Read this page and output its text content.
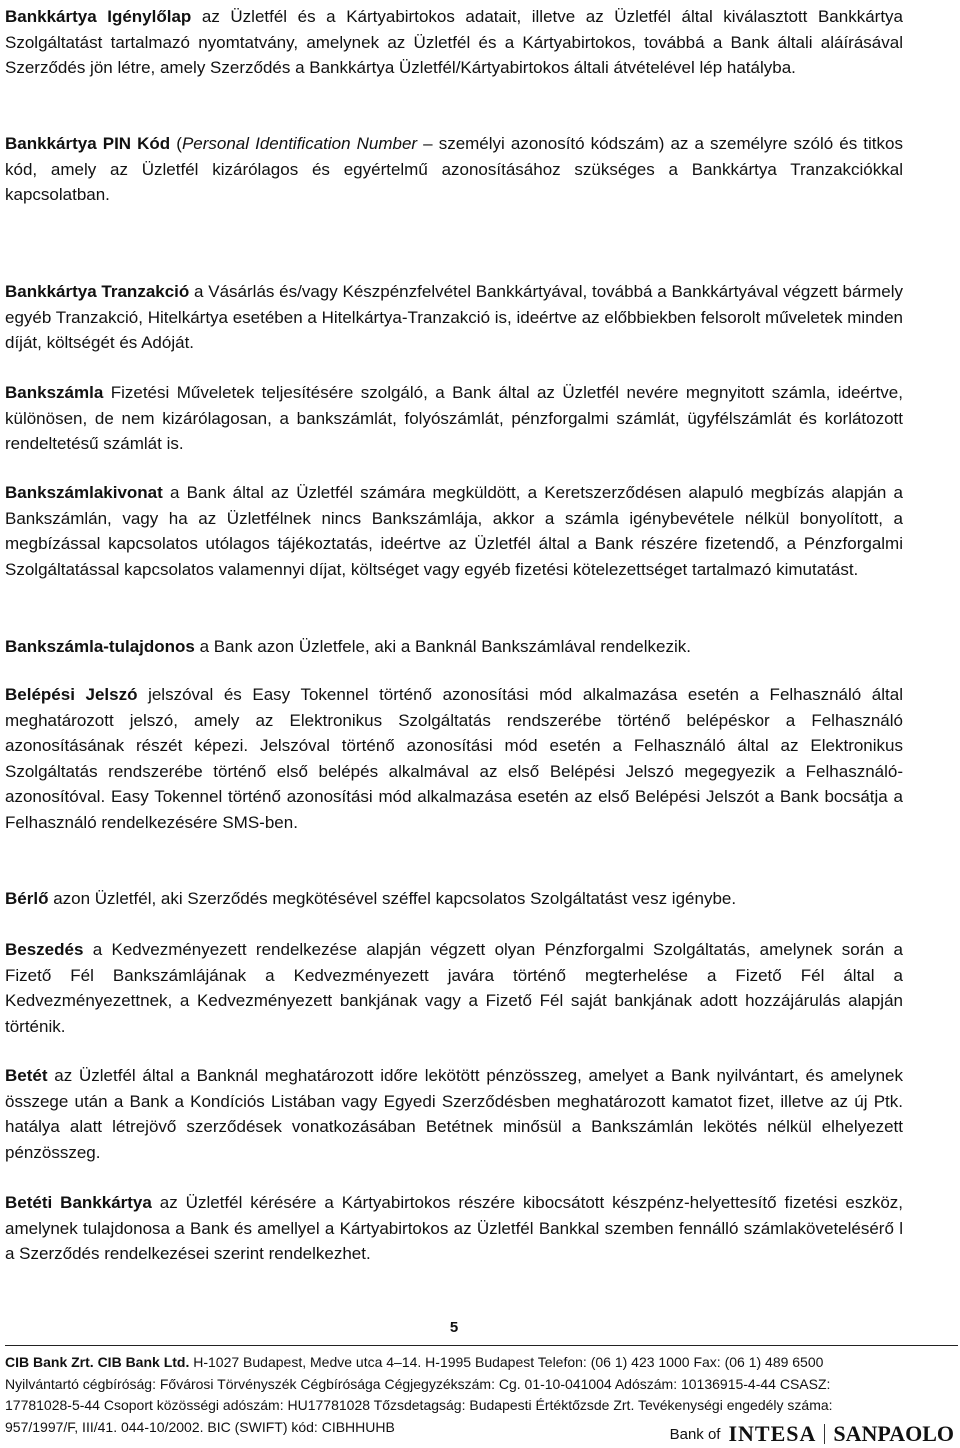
Bankkártya Igénylőlap az Üzletfél és a Kártyabirtokos adatait, illetve az Üzletfél által kiválasztott Bankkártya Szolgáltatást tartalmazó nyomtatvány, amelynek az Üzletfél és a Kártyabirtokos, továbbá a Bank általi aláírásával Szerződés jön létre, amely Szerződés a Bankkártya Üzletfél/Kártyabirtokos általi átvételével lép hatályba.

Bankkártya PIN Kód (Personal Identification Number – személyi azonosító kódszám) az a személyre szóló és titkos kód, amely az Üzletfél kizárólagos és egyértelmű azonosításához szükséges a Bankkártya Tranzakciókkal kapcsolatban.

Bankkártya Tranzakció a Vásárlás és/vagy Készpénzfelvétel Bankkártyával, továbbá a Bankkártyával végzett bármely egyéb Tranzakció, Hitelkártya esetében a Hitelkártya-Tranzakció is, ideértve az előbbiekben felsorolt műveletek minden díját, költségét és Adóját.

Bankszámla Fizetési Műveletek teljesítésére szolgáló, a Bank által az Üzletfél nevére megnyitott számla, ideértve, különösen, de nem kizárólagosan, a bankszámlát, folyószámlát, pénzforgalmi számlát, ügyfélszámlát és korlátozott rendeltetésű számlát is.

Bankszámlakivonat a Bank által az Üzletfél számára megküldött, a Keretszerződésen alapuló megbízás alapján a Bankszámlán, vagy ha az Üzletfélnek nincs Bankszámlája, akkor a számla igénybevétele nélkül bonyolított, a megbízással kapcsolatos utólagos tájékoztatás, ideértve az Üzletfél által a Bank részére fizetendő, a Pénzforgalmi Szolgáltatással kapcsolatos valamennyi díjat, költséget vagy egyéb fizetési kötelezettséget tartalmazó kimutatást.

Bankszámla-tulajdonos a Bank azon Üzletfele, aki a Banknál Bankszámlával rendelkezik.

Belépési Jelszó jelszóval és Easy Tokennel történő azonosítási mód alkalmazása esetén a Felhasználó által meghatározott jelszó, amely az Elektronikus Szolgáltatás rendszerébe történő belépéskor a Felhasználó azonosításának részét képezi. Jelszóval történő azonosítási mód esetén a Felhasználó által az Elektronikus Szolgáltatás rendszerébe történő első belépés alkalmával az első Belépési Jelszó megegyezik a Felhasználó-azonosítóval. Easy Tokennel történő azonosítási mód alkalmazása esetén az első Belépési Jelszót a Bank bocsátja a Felhasználó rendelkezésére SMS-ben.

Bérlő azon Üzletfél, aki Szerződés megkötésével széffel kapcsolatos Szolgáltatást vesz igénybe.

Beszedés a Kedvezményezett rendelkezése alapján végzett olyan Pénzforgalmi Szolgáltatás, amelynek során a Fizető Fél Bankszámlájának a Kedvezményezett javára történő megterhelése a Fizető Fél által a Kedvezményezettnek, a Kedvezményezett bankjának vagy a Fizető Fél saját bankjának adott hozzájárulás alapján történik.

Betét az Üzletfél által a Banknál meghatározott időre lekötött pénzösszeg, amelyet a Bank nyilvántart, és amelynek összege után a Bank a Kondíciós Listában vagy Egyedi Szerződésben meghatározott kamatot fizet, illetve az új Ptk. hatálya alatt létrejövő szerződések vonatkozásában Betétnek minősül a Bankszámlán lekötés nélkül elhelyezett pénzösszeg.

Betéti Bankkártya az Üzletfél kérésére a Kártyabirtokos részére kibocsátott készpénz-helyettesítő fizetési eszköz, amelynek tulajdonosa a Bank és amellyel a Kártyabirtokos az Üzletfél Bankkal szemben fennálló számlakövetelésérő l a Szerződés rendelkezései szerint rendelkezhet.

5
CIB Bank Zrt. CIB Bank Ltd. H-1027 Budapest, Medve utca 4–14. H-1995 Budapest Telefon: (06 1) 423 1000 Fax: (06 1) 489 6500
Nyilvántartó cégbíróság: Fővárosi Törvényszék Cégbírósága Cégjegyzékszám: Cg. 01-10-041004 Adószám: 10136915-4-44 CSASZ:
17781028-5-44 Csoport közösségi adószám: HU17781028 Tőzsdetagság: Budapesti Értéktőzsde Zrt. Tevékenységi engedély száma:
957/1997/F, III/41. 044-10/2002. BIC (SWIFT) kód: CIBHHUHB	Bank of INTESA SANPAOLO
